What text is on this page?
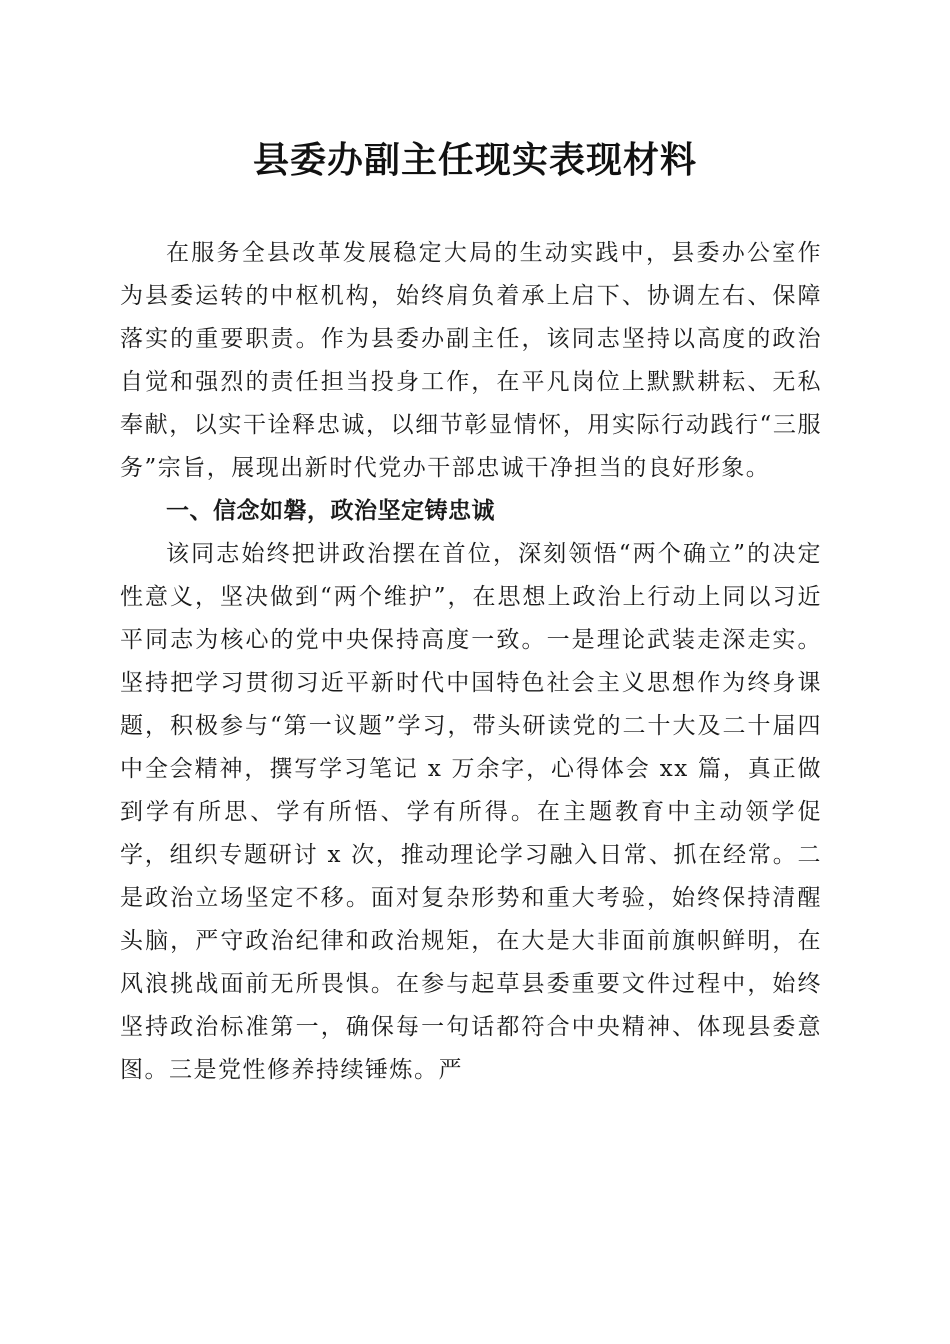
县委办副主任现实表现材料

在服务全县改革发展稳定大局的生动实践中，县委办公室作为县委运转的中枢机构，始终肩负着承上启下、协调左右、保障落实的重要职责。作为县委办副主任，该同志坚持以高度的政治自觉和强烈的责任担当投身工作，在平凡岗位上默默耕耘、无私奉献，以实干诠释忠诚，以细节彰显情怀，用实际行动践行“三服务”宗旨，展现出新时代党办干部忠诚干净担当的良好形象。

一、信念如磐，政治坚定铸忠诚

该同志始终把讲政治摆在首位，深刻领悟“两个确立”的决定性意义，坚决做到“两个维护”，在思想上政治上行动上同以习近平同志为核心的党中央保持高度一致。一是理论武装走深走实。坚持把学习贯彻习近平新时代中国特色社会主义思想作为终身课题，积极参与“第一议题”学习，带头研读党的二十大及二十届四中全会精神，撰写学习笔记 x 万余字，心得体会 xx 篇，真正做到学有所思、学有所悟、学有所得。在主题教育中主动领学促学，组织专题研讨 x 次，推动理论学习融入日常、抓在经常。二是政治立场坚定不移。面对复杂形势和重大考验，始终保持清醒头脑，严守政治纪律和政治规矩，在大是大非面前旗帜鲜明，在风浪挑战面前无所畏惧。在参与起草县委重要文件过程中，始终坚持政治标准第一，确保每一句话都符合中央精神、体现县委意图。三是党性修养持续锤炼。严
